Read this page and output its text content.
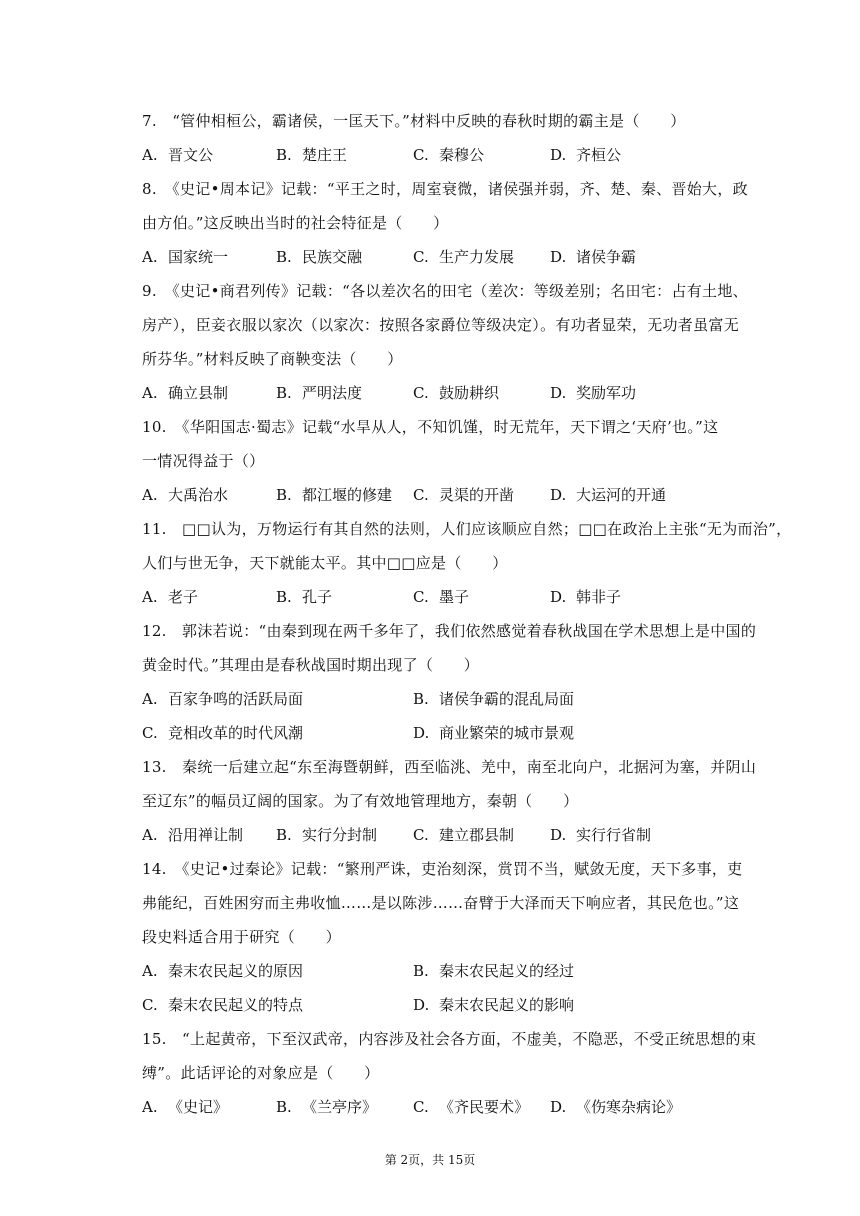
7.　“管仲相桓公，霸诸侯，一匡天下。”材料中反映的春秋时期的霸主是（　　）
A. 晋文公	B. 楚庄王	C. 秦穆公	D. 齐桓公
8.　《史记•周本记》记载：“平王之时，周室衰微，诸侯强并弱，齐、楚、秦、晋始大，政
由方伯。”这反映出当时的社会特征是（　　）
A. 国家统一	B. 民族交融	C. 生产力发展 D. 诸侯争霸
9.　《史记•商君列传》记载：“各以差次名的田宅（差次：等级差别；名田宅：占有土地、
房产），臣妾衣服以家次（以家次：按照各家爵位等级决定）。有功者显荣，无功者虽富无
所芬华。”材料反映了商鞅变法（　　）
A. 确立县制	B. 严明法度	C. 鼓励耕织	D. 奖励军功
10.　《华阳国志·蜀志》记载“水旱从人，不知饥馑，时无荒年，天下谓之‘天府’也。”这
一情况得益于（）
A. 大禹治水	B. 都江堰的修建 C. 灵渠的开凿 D. 大运河的开通
11.　□□认为，万物运行有其自然的法则，人们应该顺应自然；□□在政治上主张“无为而治”，
人们与世无争，天下就能太平。其中□□应是（　　）
A. 老子	B. 孔子	C. 墨子	D. 韩非子
12.　郭沫若说：“由秦到现在两千多年了，我们依然感觉着春秋战国在学术思想上是中国的
黄金时代。”其理由是春秋战国时期出现了（　　）
A. 百家争鸣的活跃局面	B. 诸侯争霸的混乱局面
C. 竞相改革的时代风潮	D. 商业繁荣的城市景观
13.　秦统一后建立起“东至海暨朝鲜，西至临洮、羌中，南至北向户，北据河为塞，并阴山
至辽东”的幅员辽阔的国家。为了有效地管理地方，秦朝（　　）
A. 沿用禅让制 B. 实行分封制 C. 建立郡县制 D. 实行行省制
14.　《史记•过秦论》记载：“繁刑严诛，吏治刻深，赏罚不当，赋敛无度，天下多事，吏
弗能纪，百姓困穷而主弗收恤……是以陈涉……奋臂于大泽而天下响应者，其民危也。”这
段史料适合用于研究（　　）
A. 秦末农民起义的原因	B. 秦末农民起义的经过
C. 秦末农民起义的特点	D. 秦末农民起义的影响
15.　“上起黄帝，下至汉武帝，内容涉及社会各方面，不虚美，不隐恶，不受正统思想的束
缚”。此话评论的对象应是（　　）
A. 《史记》	B. 《兰亭序》 C. 《齐民要术》 D. 《伤寒杂病论》
第 2页，共 15页
